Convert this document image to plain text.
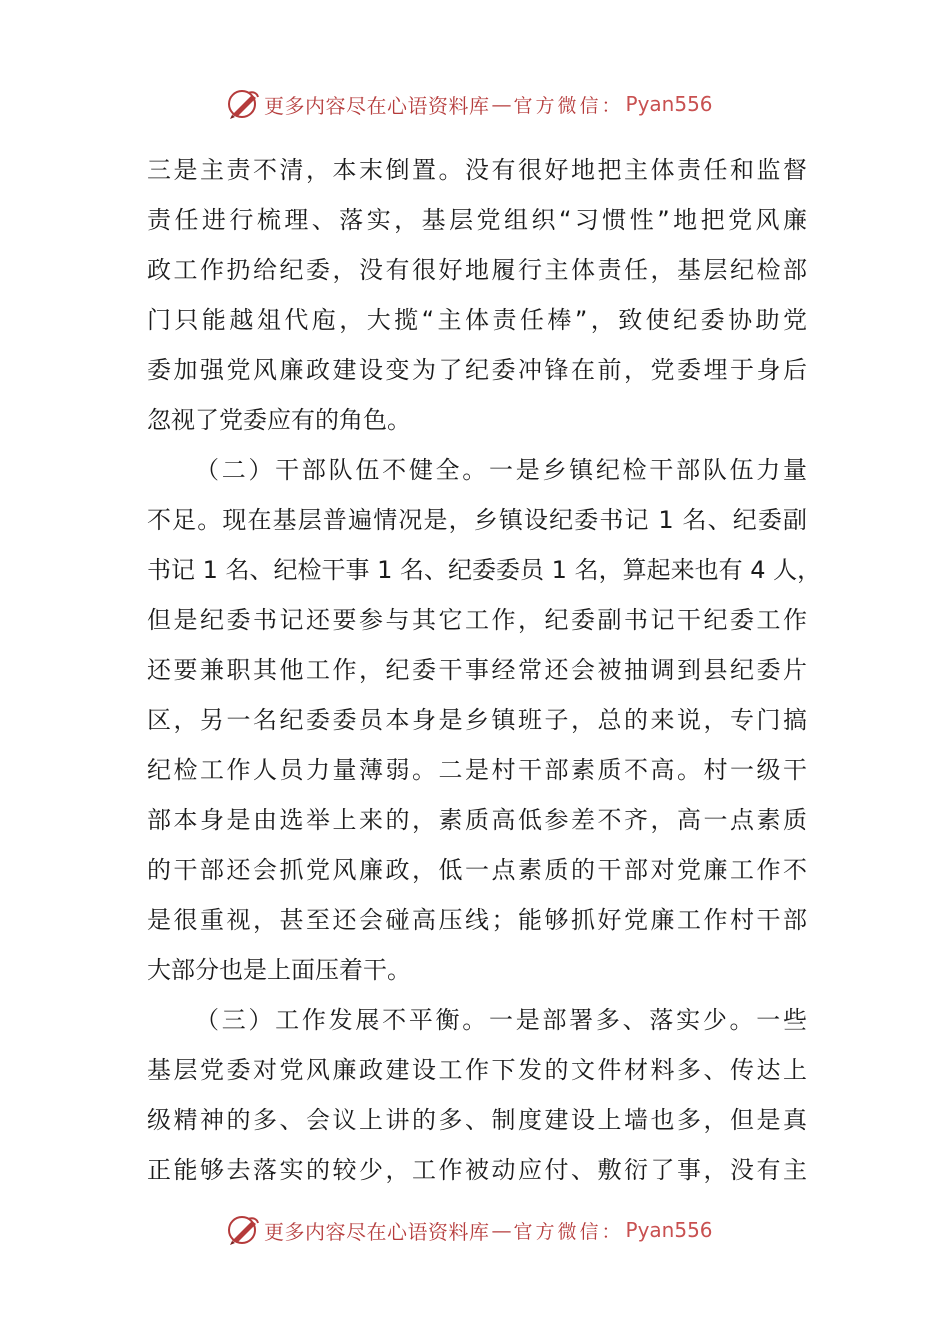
更多内容尽在心语资料库 — 官方微信： Pyan556
三是主责不清，本末倒置。没有很好地把主体责任和监督
责任进行梳理、落实，基层党组织“习惯性”地把党风廉
政工作扔给纪委，没有很好地履行主体责任，基层纪检部
门只能越俎代庖，大揽“主体责任棒”，致使纪委协助党
委加强党风廉政建设变为了纪委冲锋在前，党委埋于身后
忽视了党委应有的角色。
（二）干部队伍不健全。一是乡镇纪检干部队伍力量
不足。现在基层普遍情况是，乡镇设纪委书记 1 名、纪委副
书记 1 名、纪检干事 1 名、纪委委员 1 名，算起来也有 4 人，
但是纪委书记还要参与其它工作，纪委副书记干纪委工作
还要兼职其他工作，纪委干事经常还会被抽调到县纪委片
区，另一名纪委委员本身是乡镇班子，总的来说，专门搞
纪检工作人员力量薄弱。二是村干部素质不高。村一级干
部本身是由选举上来的，素质高低参差不齐，高一点素质
的干部还会抓党风廉政，低一点素质的干部对党廉工作不
是很重视，甚至还会碰高压线；能够抓好党廉工作村干部
大部分也是上面压着干。
（三）工作发展不平衡。一是部署多、落实少。一些
基层党委对党风廉政建设工作下发的文件材料多、传达上
级精神的多、会议上讲的多、制度建设上墙也多，但是真
正能够去落实的较少，工作被动应付、敷衍了事，没有主
更多内容尽在心语资料库 — 官方微信： Pyan556
